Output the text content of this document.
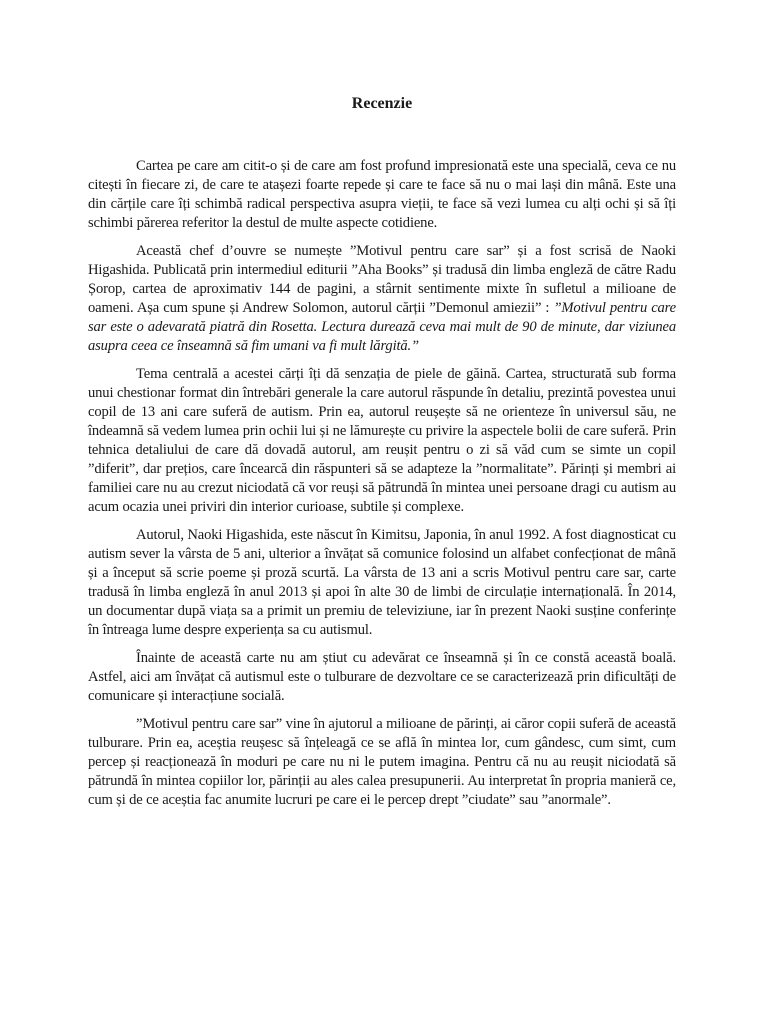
Recenzie

Cartea pe care am citit-o și de care am fost profund impresionată este una specială, ceva ce nu citești în fiecare zi, de care te atașezi foarte repede și care te face să nu o mai lași din mână. Este una din cărțile care îți schimbă radical perspectiva asupra vieții, te face să vezi lumea cu alți ochi și să îți schimbi părerea referitor la destul de multe aspecte cotidiene.

Această chef d’ouvre se numește ”Motivul pentru care sar” și a fost scrisă de Naoki Higashida. Publicată prin intermediul editurii ”Aha Books” și tradusă din limba engleză de către Radu Șorop, cartea de aproximativ 144 de pagini, a stârnit sentimente mixte în sufletul a milioane de oameni. Așa cum spune și Andrew Solomon, autorul cărții ”Demonul amiezii” : ”Motivul pentru care sar este o adevarată piatră din Rosetta. Lectura durează ceva mai mult de 90 de minute, dar viziunea asupra ceea ce înseamnă să fim umani va fi mult lărgită.”

Tema centrală a acestei cărți îți dă senzația de piele de găină. Cartea, structurată sub forma unui chestionar format din întrebări generale la care autorul răspunde în detaliu, prezintă povestea unui copil de 13 ani care suferă de autism. Prin ea, autorul reușește să ne orienteze în universul său, ne îndeamnă să vedem lumea prin ochii lui și ne lămurește cu privire la aspectele bolii de care suferă. Prin tehnica detaliului de care dă dovadă autorul, am reușit pentru o zi să văd cum se simte un copil ”diferit”, dar prețios, care încearcă din răspunteri să se adapteze la ”normalitate”. Părinți și membri ai familiei care nu au crezut niciodată că vor reuși să pătrundă în mintea unei persoane dragi cu autism au acum ocazia unei priviri din interior curioase, subtile și complexe.

Autorul, Naoki Higashida, este născut în Kimitsu, Japonia, în anul 1992. A fost diagnosticat cu autism sever la vârsta de 5 ani, ulterior a învățat să comunice folosind un alfabet confecționat de mână și a început să scrie poeme și proză scurtă. La vârsta de 13 ani a scris Motivul pentru care sar, carte tradusă în limba engleză în anul 2013 și apoi în alte 30 de limbi de circulație internațională. În 2014, un documentar după viața sa a primit un premiu de televiziune, iar în prezent Naoki susține conferințe în întreaga lume despre experiența sa cu autismul.

Înainte de această carte nu am știut cu adevărat ce înseamnă și în ce constă această boală. Astfel, aici am învățat că autismul este o tulburare de dezvoltare ce se caracterizează prin dificultăți de comunicare și interacțiune socială.

”Motivul pentru care sar” vine în ajutorul a milioane de părinți, ai căror copii suferă de această tulburare. Prin ea, aceștia reușesc să înțeleagă ce se află în mintea lor, cum gândesc, cum simt, cum percep și reacționează în moduri pe care nu ni le putem imagina. Pentru că nu au reușit niciodată să pătrundă în mintea copiilor lor, părinții au ales calea presupunerii. Au interpretat în propria manieră ce, cum și de ce aceștia fac anumite lucruri pe care ei le percep drept ”ciudate” sau ”anormale”.
